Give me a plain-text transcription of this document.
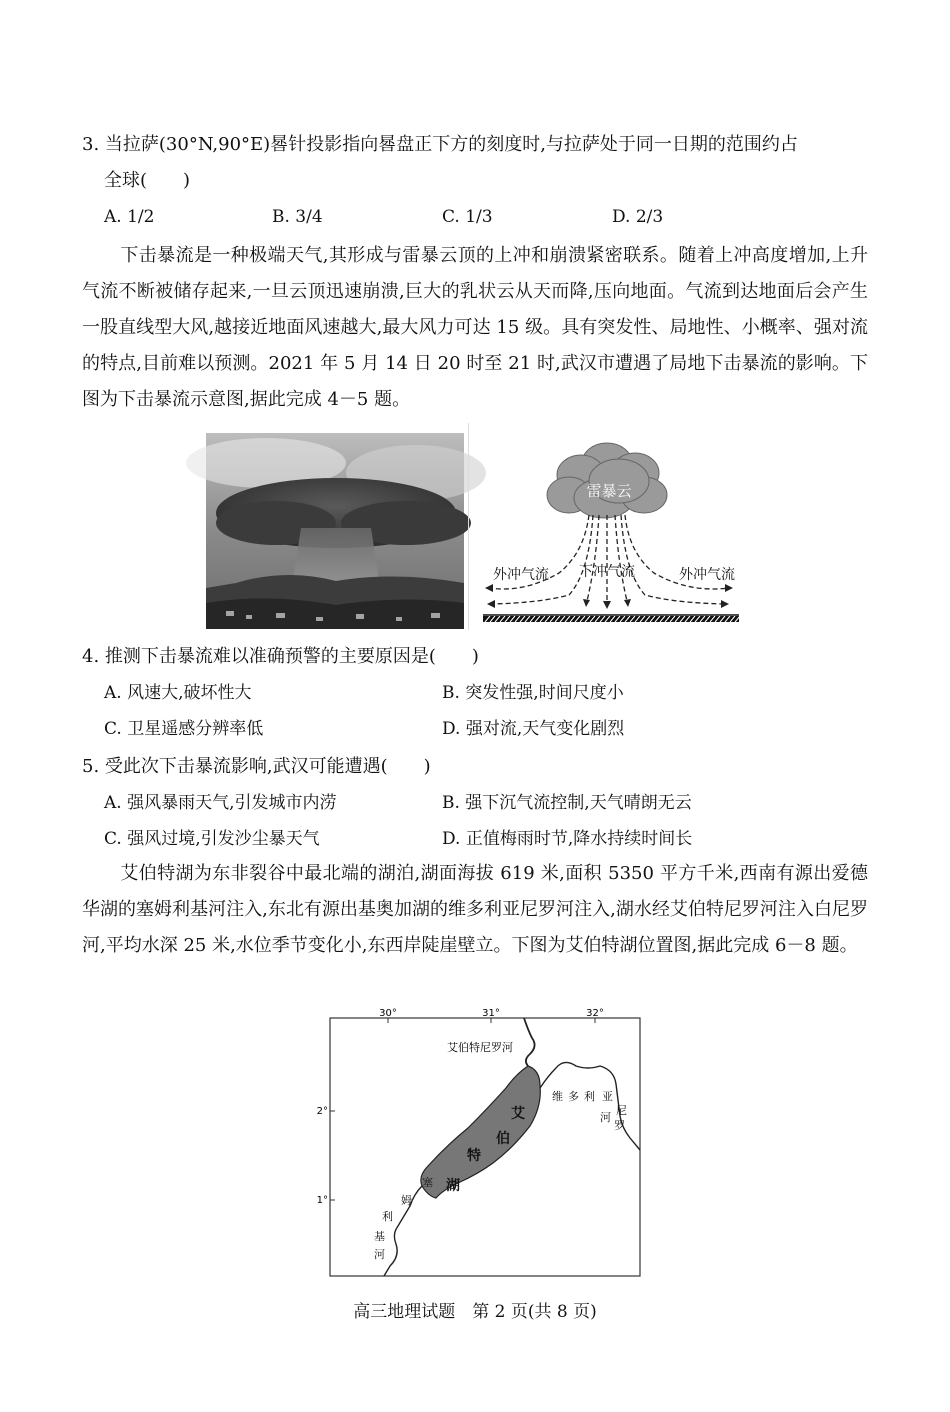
3. 当拉萨(30°N,90°E)晷针投影指向晷盘正下方的刻度时,与拉萨处于同一日期的范围约占
全球(　　)
A. 1/2	B. 3/4	C. 1/3	D. 2/3
下击暴流是一种极端天气,其形成与雷暴云顶的上冲和崩溃紧密联系。随着上冲高度增加,上升气流不断被储存起来,一旦云顶迅速崩溃,巨大的乳状云从天而降,压向地面。气流到达地面后会产生一股直线型大风,越接近地面风速越大,最大风力可达 15 级。具有突发性、局地性、小概率、强对流的特点,目前难以预测。2021 年 5 月 14 日 20 时至 21 时,武汉市遭遇了局地下击暴流的影响。下图为下击暴流示意图,据此完成 4－5 题。
雷暴云
外冲气流 下冲气流	外冲气流
4. 推测下击暴流难以准确预警的主要原因是(　　)
A. 风速大,破坏性大	B. 突发性强,时间尺度小
C. 卫星遥感分辨率低	D. 强对流,天气变化剧烈
5. 受此次下击暴流影响,武汉可能遭遇(　　)
A. 强风暴雨天气,引发城市内涝	B. 强下沉气流控制,天气晴朗无云
C. 强风过境,引发沙尘暴天气	D. 正值梅雨时节,降水持续时间长
艾伯特湖为东非裂谷中最北端的湖泊,湖面海拔 619 米,面积 5350 平方千米,西南有源出爱德华湖的塞姆利基河注入,东北有源出基奥加湖的维多利亚尼罗河注入,湖水经艾伯特尼罗河注入白尼罗河,平均水深 25 米,水位季节变化小,东西岸陡崖壁立。下图为艾伯特湖位置图,据此完成 6－8 题。
30°	31°	32°
2°
1°
艾伯特尼罗河
维 多 利 亚
尼
罗
河
艾
伯
特
湖
塞
姆
利
基
河
高三地理试题　第 2 页(共 8 页)
